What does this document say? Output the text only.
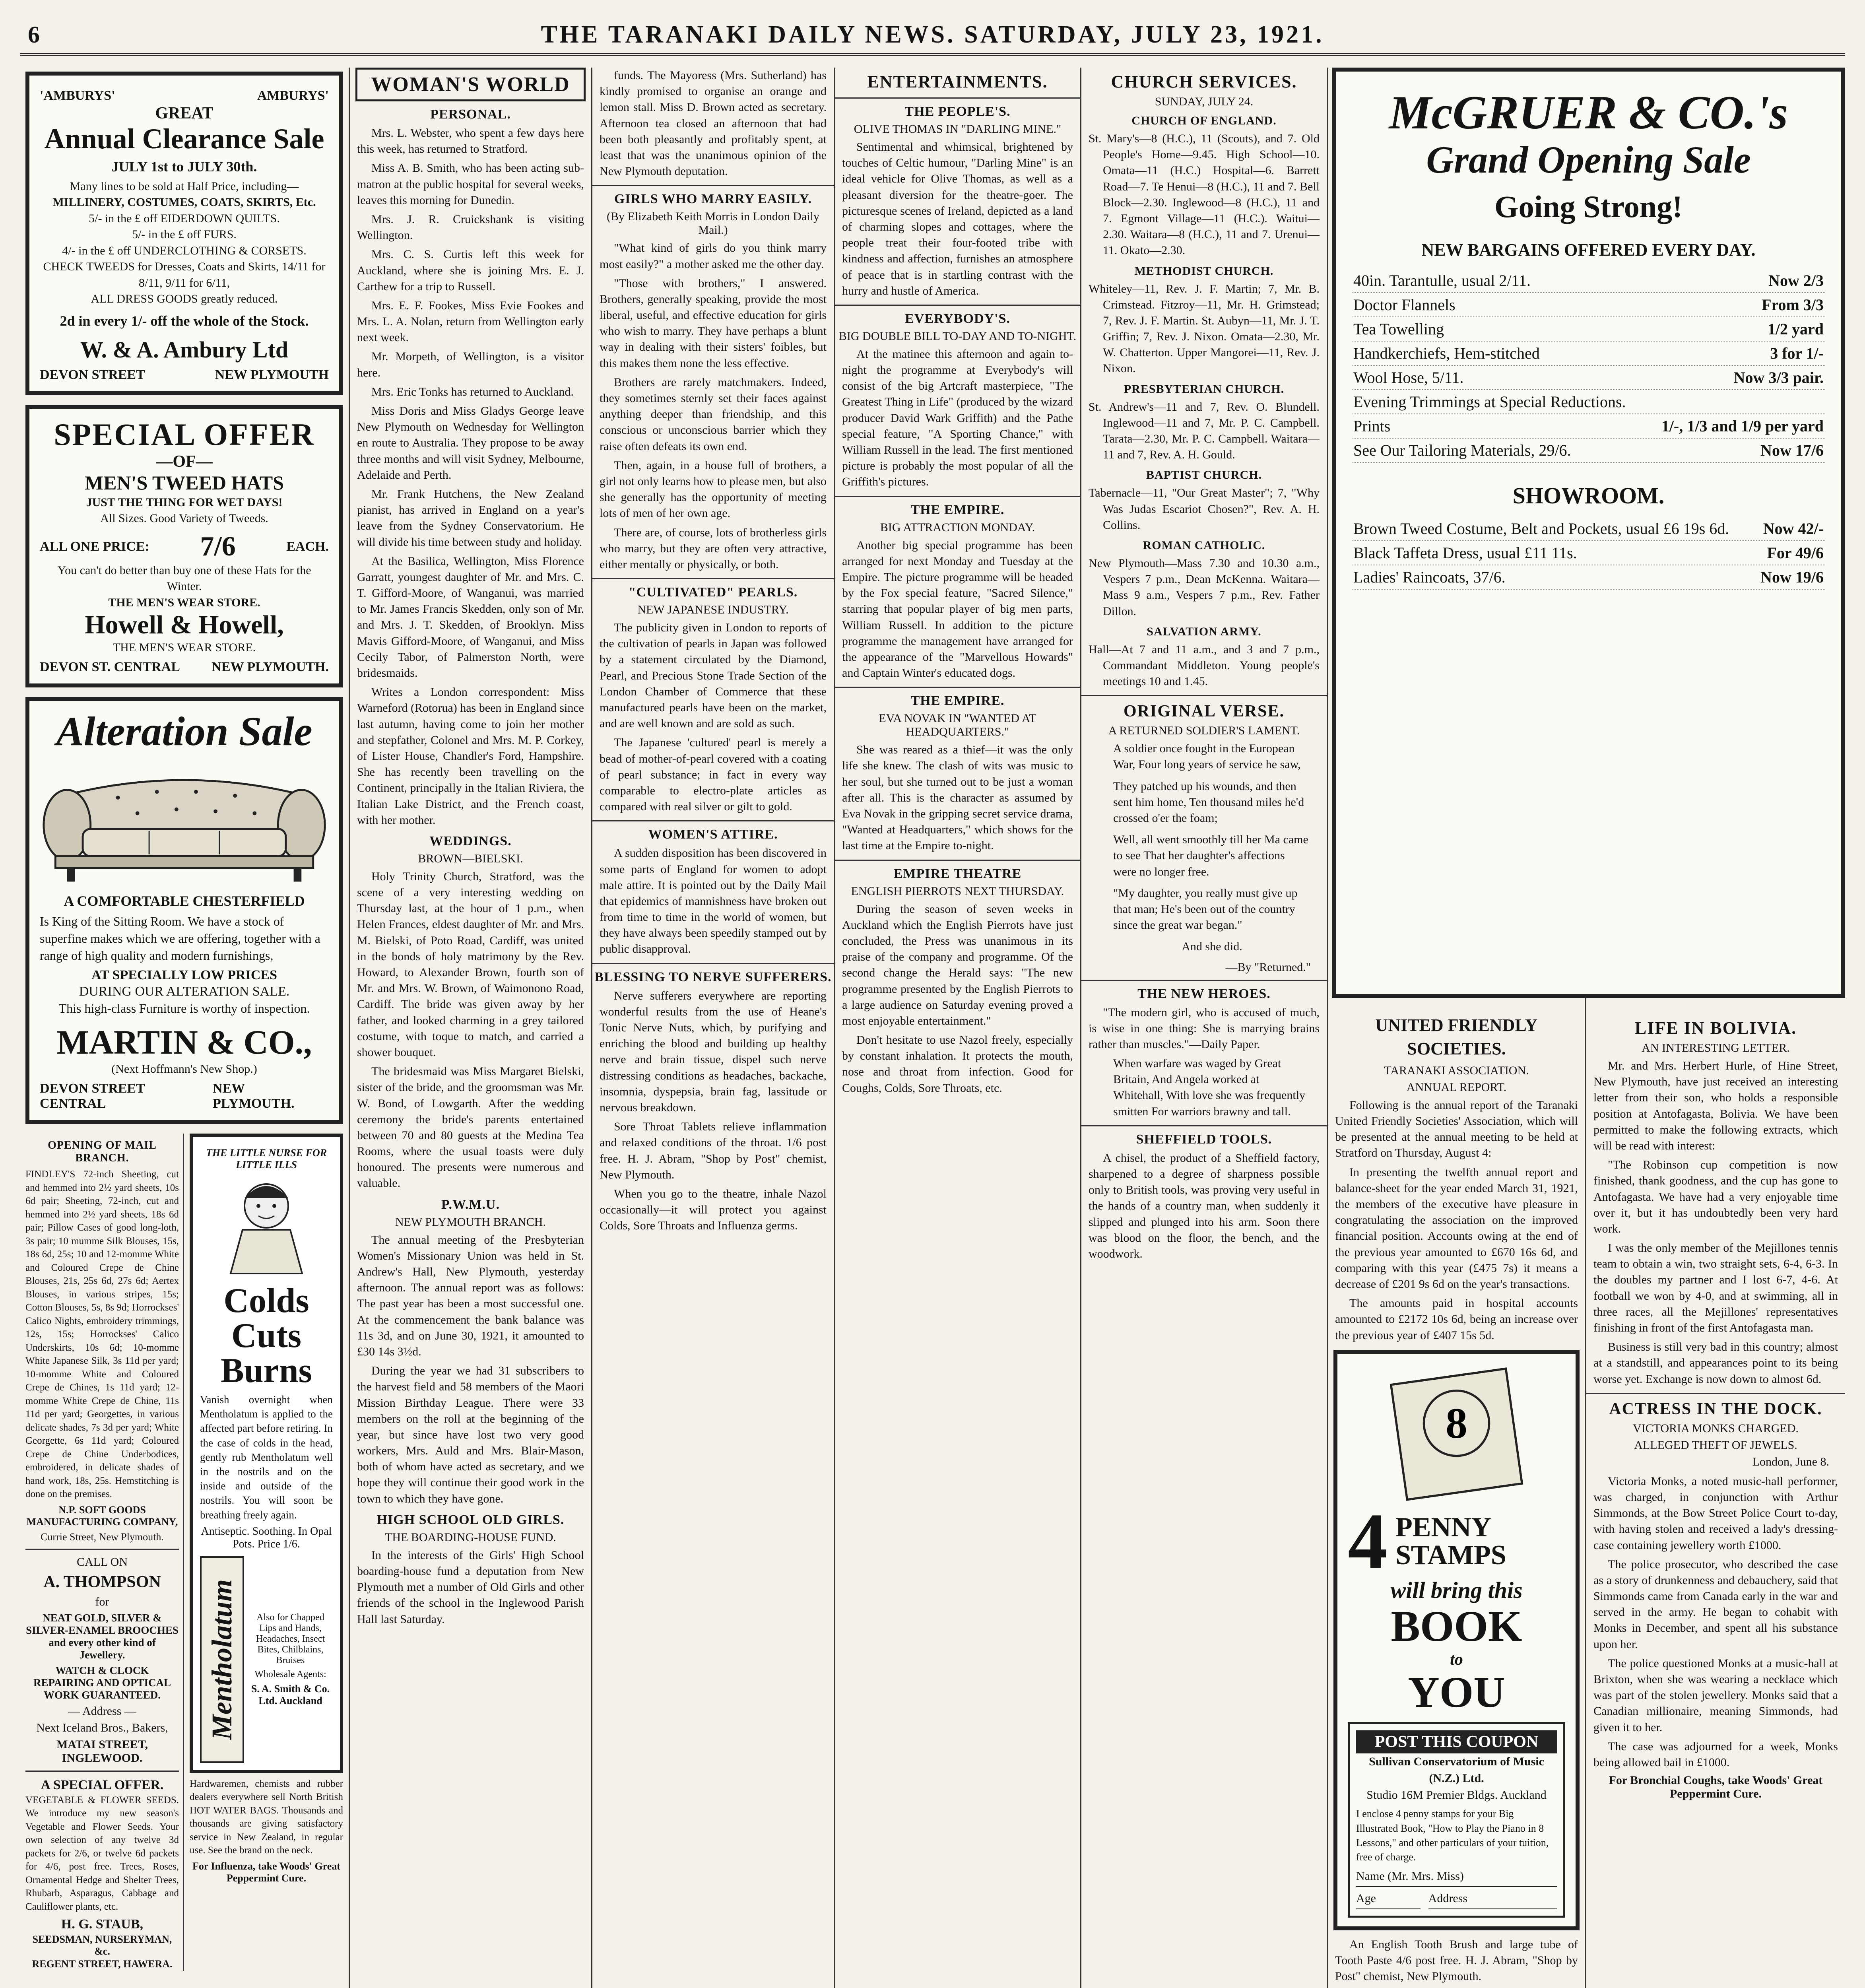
6	THE TARANAKI DAILY NEWS. SATURDAY, JULY 23, 1921.
'AMBURYS'	AMBURYS'
GREAT
Annual Clearance Sale
JULY 1st to JULY 30th.
Many lines to be sold at Half Price, including—
MILLINERY, COSTUMES, COATS, SKIRTS, Etc.
5/- in the £ off EIDERDOWN QUILTS.
5/- in the £ off FURS.
4/- in the £ off UNDERCLOTHING & CORSETS.
CHECK TWEEDS for Dresses, Coats and Skirts, 14/11 for 8/11, 9/11 for 6/11,
ALL DRESS GOODS greatly reduced.
2d in every 1/- off the whole of the Stock.
W. & A. Ambury Ltd
DEVON STREET	NEW PLYMOUTH
SPECIAL OFFER
—OF—
MEN'S TWEED HATS
JUST THE THING FOR WET DAYS!
All Sizes. Good Variety of Tweeds.
ALL ONE PRICE: 7/6	EACH.
You can't do better than buy one of these Hats for the Winter.
THE MEN'S WEAR STORE.
Howell & Howell,
THE MEN'S WEAR STORE.
DEVON ST. CENTRAL NEW PLYMOUTH.
Alteration Sale
A COMFORTABLE CHESTERFIELD
Is King of the Sitting Room. We have a stock of superfine makes which we are offering, together with a range of high quality and modern furnishings,
AT SPECIALLY LOW PRICES
DURING OUR ALTERATION SALE.
This high-class Furniture is worthy of inspection.
MARTIN & CO.,
(Next Hoffmann's New Shop.)
DEVON STREET CENTRAL
NEW PLYMOUTH.
OPENING OF MAIL BRANCH.
FINDLEY'S 72-inch Sheeting, cut and hemmed into 2½ yard sheets, 10s 6d pair; Sheeting, 72-inch, cut and hemmed into 2½ yard sheets, 18s 6d pair; Pillow Cases of good long-loth, 3s pair; 10 mumme Silk Blouses, 15s, 18s 6d, 25s; 10 and 12-momme White and Coloured Crepe de Chine Blouses, 21s, 25s 6d, 27s 6d; Aertex Blouses, in various stripes, 15s; Cotton Blouses, 5s, 8s 9d; Horrockses' Calico Nights, embroidery trimmings, 12s, 15s; Horrockses' Calico Underskirts, 10s 6d; 10-momme White Japanese Silk, 3s 11d per yard; 10-momme White and Coloured Crepe de Chines, 1s 11d yard; 12-momme White Crepe de Chine, 11s 11d per yard; Georgettes, in various delicate shades, 7s 3d per yard; White Georgette, 6s 11d yard; Coloured Crepe de Chine Underbodices, embroidered, in delicate shades of hand work, 18s, 25s. Hemstitching is done on the premises.
N.P. SOFT GOODS MANUFACTURING COMPANY,
Currie Street, New Plymouth.
CALL ON
A. THOMPSON
for
NEAT GOLD, SILVER & SILVER-ENAMEL BROOCHES and every other kind of Jewellery.
WATCH & CLOCK REPAIRING AND OPTICAL WORK GUARANTEED.
— Address —
Next Iceland Bros., Bakers,
MATAI STREET, INGLEWOOD.
A SPECIAL OFFER.
VEGETABLE & FLOWER SEEDS. We introduce my new season's Vegetable and Flower Seeds. Your own selection of any twelve 3d packets for 2/6, or twelve 6d packets for 4/6, post free. Trees, Roses, Ornamental Hedge and Shelter Trees, Rhubarb, Asparagus, Cabbage and Cauliflower plants, etc.
H. G. STAUB,
SEEDSMAN, NURSERYMAN, &c.
REGENT STREET, HAWERA.
THE LITTLE NURSE FOR LITTLE ILLS
Colds Cuts Burns
Vanish overnight when Mentholatum is applied to the affected part before retiring. In the case of colds in the head, gently rub Mentholatum well in the nostrils and on the inside and outside of the nostrils. You will soon be breathing freely again.
Antiseptic. Soothing. In Opal Pots. Price 1/6.
Mentholatum	Also for Chapped Lips and Hands, Headaches, Insect Bites, Chilblains, Bruises
Wholesale Agents:
S. A. Smith & Co. Ltd. Auckland
Hardwaremen, chemists and rubber dealers everywhere sell North British HOT WATER BAGS. Thousands and thousands are giving satisfactory service in New Zealand, in regular use. See the brand on the neck.
For Influenza, take Woods' Great Peppermint Cure.
WOMAN'S WORLD
PERSONAL.
Mrs. L. Webster, who spent a few days here this week, has returned to Stratford.
Miss A. B. Smith, who has been acting sub-matron at the public hospital for several weeks, leaves this morning for Dunedin.
Mrs. J. R. Cruickshank is visiting Wellington.
Mrs. C. S. Curtis left this week for Auckland, where she is joining Mrs. E. J. Carthew for a trip to Russell.
Mrs. E. F. Fookes, Miss Evie Fookes and Mrs. L. A. Nolan, return from Wellington early next week.
Mr. Morpeth, of Wellington, is a visitor here.
Mrs. Eric Tonks has returned to Auckland.
Miss Doris and Miss Gladys George leave New Plymouth on Wednesday for Wellington en route to Australia. They propose to be away three months and will visit Sydney, Melbourne, Adelaide and Perth.
Mr. Frank Hutchens, the New Zealand pianist, has arrived in England on a year's leave from the Sydney Conservatorium. He will divide his time between study and holiday.
At the Basilica, Wellington, Miss Florence Garratt, youngest daughter of Mr. and Mrs. C. T. Gifford-Moore, of Wanganui, was married to Mr. James Francis Skedden, only son of Mr. and Mrs. J. T. Skedden, of Brooklyn. Miss Mavis Gifford-Moore, of Wanganui, and Miss Cecily Tabor, of Palmerston North, were bridesmaids.
Writes a London correspondent: Miss Warneford (Rotorua) has been in England since last autumn, having come to join her mother and stepfather, Colonel and Mrs. M. P. Corkey, of Lister House, Chandler's Ford, Hampshire. She has recently been travelling on the Continent, principally in the Italian Riviera, the Italian Lake District, and the French coast, with her mother.
WEDDINGS.
BROWN—BIELSKI.
Holy Trinity Church, Stratford, was the scene of a very interesting wedding on Thursday last, at the hour of 1 p.m., when Helen Frances, eldest daughter of Mr. and Mrs. M. Bielski, of Poto Road, Cardiff, was united in the bonds of holy matrimony by the Rev. Howard, to Alexander Brown, fourth son of Mr. and Mrs. W. Brown, of Waimonono Road, Cardiff. The bride was given away by her father, and looked charming in a grey tailored costume, with toque to match, and carried a shower bouquet.
The bridesmaid was Miss Margaret Bielski, sister of the bride, and the groomsman was Mr. W. Bond, of Lowgarth. After the wedding ceremony the bride's parents entertained between 70 and 80 guests at the Medina Tea Rooms, where the usual toasts were duly honoured. The presents were numerous and valuable.
P.W.M.U.
NEW PLYMOUTH BRANCH.
The annual meeting of the Presbyterian Women's Missionary Union was held in St. Andrew's Hall, New Plymouth, yesterday afternoon. The annual report was as follows: The past year has been a most successful one. At the commencement the bank balance was 11s 3d, and on June 30, 1921, it amounted to £30 14s 3½d.
During the year we had 31 subscribers to the harvest field and 58 members of the Maori Mission Birthday League. There were 33 members on the roll at the beginning of the year, but since have lost two very good workers, Mrs. Auld and Mrs. Blair-Mason, both of whom have acted as secretary, and we hope they will continue their good work in the town to which they have gone.
HIGH SCHOOL OLD GIRLS.
THE BOARDING-HOUSE FUND.
In the interests of the Girls' High School boarding-house fund a deputation from New Plymouth met a number of Old Girls and other friends of the school in the Inglewood Parish Hall last Saturday.
funds. The Mayoress (Mrs. Sutherland) has kindly promised to organise an orange and lemon stall. Miss D. Brown acted as secretary. Afternoon tea closed an afternoon that had been both pleasantly and profitably spent, at least that was the unanimous opinion of the New Plymouth deputation.
GIRLS WHO MARRY EASILY.
(By Elizabeth Keith Morris in London Daily Mail.)
"What kind of girls do you think marry most easily?" a mother asked me the other day.
"Those with brothers," I answered. Brothers, generally speaking, provide the most liberal, useful, and effective education for girls who wish to marry. They have perhaps a blunt way in dealing with their sisters' foibles, but this makes them none the less effective.
Brothers are rarely matchmakers. Indeed, they sometimes sternly set their faces against anything deeper than friendship, and this conscious or unconscious barrier which they raise often defeats its own end.
Then, again, in a house full of brothers, a girl not only learns how to please men, but also she generally has the opportunity of meeting lots of men of her own age.
There are, of course, lots of brotherless girls who marry, but they are often very attractive, either mentally or physically, or both.
"CULTIVATED" PEARLS.
NEW JAPANESE INDUSTRY.
The publicity given in London to reports of the cultivation of pearls in Japan was followed by a statement circulated by the Diamond, Pearl, and Precious Stone Trade Section of the London Chamber of Commerce that these manufactured pearls have been on the market, and are well known and are sold as such.
The Japanese 'cultured' pearl is merely a bead of mother-of-pearl covered with a coating of pearl substance; in fact in every way comparable to electro-plate articles as compared with real silver or gilt to gold.
WOMEN'S ATTIRE.
A sudden disposition has been discovered in some parts of England for women to adopt male attire. It is pointed out by the Daily Mail that epidemics of mannishness have broken out from time to time in the world of women, but they have always been speedily stamped out by public disapproval.
BLESSING TO NERVE SUFFERERS.
Nerve sufferers everywhere are reporting wonderful results from the use of Heane's Tonic Nerve Nuts, which, by purifying and enriching the blood and building up healthy nerve and brain tissue, dispel such nerve distressing conditions as headaches, backache, insomnia, dyspepsia, brain fag, lassitude or nervous breakdown.
Sore Throat Tablets relieve inflammation and relaxed conditions of the throat. 1/6 post free. H. J. Abram, "Shop by Post" chemist, New Plymouth.
When you go to the theatre, inhale Nazol occasionally—it will protect you against Colds, Sore Throats and Influenza germs.
ENTERTAINMENTS.
THE PEOPLE'S.
OLIVE THOMAS IN "DARLING MINE."
Sentimental and whimsical, brightened by touches of Celtic humour, "Darling Mine" is an ideal vehicle for Olive Thomas, as well as a pleasant diversion for the theatre-goer. The picturesque scenes of Ireland, depicted as a land of charming slopes and cottages, where the people treat their four-footed tribe with kindness and affection, furnishes an atmosphere of peace that is in startling contrast with the hurry and hustle of America.
EVERYBODY'S.
BIG DOUBLE BILL TO-DAY AND TO-NIGHT.
At the matinee this afternoon and again to-night the programme at Everybody's will consist of the big Artcraft masterpiece, "The Greatest Thing in Life" (produced by the wizard producer David Wark Griffith) and the Pathe special feature, "A Sporting Chance," with William Russell in the lead. The first mentioned picture is probably the most popular of all the Griffith's pictures.
THE EMPIRE.
BIG ATTRACTION MONDAY.
Another big special programme has been arranged for next Monday and Tuesday at the Empire. The picture programme will be headed by the Fox special feature, "Sacred Silence," starring that popular player of big men parts, William Russell. In addition to the picture programme the management have arranged for the appearance of the "Marvellous Howards" and Captain Winter's educated dogs.
THE EMPIRE.
EVA NOVAK IN "WANTED AT HEADQUARTERS."
She was reared as a thief—it was the only life she knew. The clash of wits was music to her soul, but she turned out to be just a woman after all. This is the character as assumed by Eva Novak in the gripping secret service drama, "Wanted at Headquarters," which shows for the last time at the Empire to-night.
EMPIRE THEATRE
ENGLISH PIERROTS NEXT THURSDAY.
During the season of seven weeks in Auckland which the English Pierrots have just concluded, the Press was unanimous in its praise of the company and programme. Of the second change the Herald says: "The new programme presented by the English Pierrots to a large audience on Saturday evening proved a most enjoyable entertainment."
Don't hesitate to use Nazol freely, especially by constant inhalation. It protects the mouth, nose and throat from infection. Good for Coughs, Colds, Sore Throats, etc.
CHURCH SERVICES.
SUNDAY, JULY 24.
CHURCH OF ENGLAND.
St. Mary's—8 (H.C.), 11 (Scouts), and 7. Old People's Home—9.45. High School—10. Omata—11 (H.C.) Hospital—6. Barrett Road—7. Te Henui—8 (H.C.), 11 and 7. Bell Block—2.30. Inglewood—8 (H.C.), 11 and 7. Egmont Village—11 (H.C.). Waitui—2.30. Waitara—8 (H.C.), 11 and 7. Urenui—11. Okato—2.30.
METHODIST CHURCH.
Whiteley—11, Rev. J. F. Martin; 7, Mr. B. Crimstead. Fitzroy—11, Mr. H. Grimstead; 7, Rev. J. F. Martin. St. Aubyn—11, Mr. J. T. Griffin; 7, Rev. J. Nixon. Omata—2.30, Mr. W. Chatterton. Upper Mangorei—11, Rev. J. Nixon.
PRESBYTERIAN CHURCH.
St. Andrew's—11 and 7, Rev. O. Blundell. Inglewood—11 and 7, Mr. P. C. Campbell. Tarata—2.30, Mr. P. C. Campbell. Waitara—11 and 7, Rev. A. H. Gould.
BAPTIST CHURCH.
Tabernacle—11, "Our Great Master"; 7, "Why Was Judas Escariot Chosen?", Rev. A. H. Collins.
ROMAN CATHOLIC.
New Plymouth—Mass 7.30 and 10.30 a.m., Vespers 7 p.m., Dean McKenna. Waitara—Mass 9 a.m., Vespers 7 p.m., Rev. Father Dillon.
SALVATION ARMY.
Hall—At 7 and 11 a.m., and 3 and 7 p.m., Commandant Middleton. Young people's meetings 10 and 1.45.
ORIGINAL VERSE.
A RETURNED SOLDIER'S LAMENT.
A soldier once fought in the European War, Four long years of service he saw,
They patched up his wounds, and then sent him home, Ten thousand miles he'd crossed o'er the foam;
Well, all went smoothly till her Ma came to see That her daughter's affections were no longer free.
"My daughter, you really must give up that man; He's been out of the country since the great war began."
And she did.
—By "Returned."
THE NEW HEROES.
"The modern girl, who is accused of much, is wise in one thing: She is marrying brains rather than muscles."—Daily Paper.
When warfare was waged by Great Britain, And Angela worked at Whitehall, With love she was frequently smitten For warriors brawny and tall.
SHEFFIELD TOOLS.
A chisel, the product of a Sheffield factory, sharpened to a degree of sharpness possible only to British tools, was proving very useful in the hands of a country man, when suddenly it slipped and plunged into his arm. Soon there was blood on the floor, the bench, and the woodwork.
UNITED FRIENDLY SOCIETIES.
TARANAKI ASSOCIATION.
ANNUAL REPORT.
Following is the annual report of the Taranaki United Friendly Societies' Association, which will be presented at the annual meeting to be held at Stratford on Thursday, August 4:
In presenting the twelfth annual report and balance-sheet for the year ended March 31, 1921, the members of the executive have pleasure in congratulating the association on the improved financial position. Accounts owing at the end of the previous year amounted to £670 16s 6d, and comparing with this year (£475 7s) it means a decrease of £201 9s 6d on the year's transactions.
The amounts paid in hospital accounts amounted to £2172 10s 6d, being an increase over the previous year of £407 15s 5d.
8
4 PENNY STAMPS
will bring this
BOOK
to
YOU
POST THIS COUPON
Sullivan Conservatorium of Music (N.Z.) Ltd.
Studio 16M Premier Bldgs. Auckland
I enclose 4 penny stamps for your Big Illustrated Book, "How to Play the Piano in 8 Lessons," and other particulars of your tuition, free of charge.
Name (Mr. Mrs. Miss)
Age	Address
An English Tooth Brush and large tube of Tooth Paste 4/6 post free. H. J. Abram, "Shop by Post" chemist, New Plymouth.
McGRUER & CO.'s
Grand Opening Sale
Going Strong!
NEW BARGAINS OFFERED EVERY DAY.
40in. Tarantulle, usual 2/11.	Now 2/3
Doctor Flannels	From 3/3
Tea Towelling	1/2 yard
Handkerchiefs, Hem-stitched	3 for 1/-
Wool Hose, 5/11.	Now 3/3 pair.
Evening Trimmings at Special Reductions.
Prints	1/-, 1/3 and 1/9 per yard
See Our Tailoring Materials, 29/6.	Now 17/6
SHOWROOM.
Brown Tweed Costume, Belt and Pockets, usual £6 19s 6d. Now 42/-
Black Taffeta Dress, usual £11 11s.	For 49/6
Ladies' Raincoats, 37/6.	Now 19/6
LIFE IN BOLIVIA.
AN INTERESTING LETTER.
Mr. and Mrs. Herbert Hurle, of Hine Street, New Plymouth, have just received an interesting letter from their son, who holds a responsible position at Antofagasta, Bolivia. We have been permitted to make the following extracts, which will be read with interest:
"The Robinson cup competition is now finished, thank goodness, and the cup has gone to Antofagasta. We have had a very enjoyable time over it, but it has undoubtedly been very hard work.
I was the only member of the Mejillones tennis team to obtain a win, two straight sets, 6-4, 6-3. In the doubles my partner and I lost 6-7, 4-6. At football we won by 4-0, and at swimming, all in three races, all the Mejillones' representatives finishing in front of the first Antofagasta man.
Business is still very bad in this country; almost at a standstill, and appearances point to its being worse yet. Exchange is now down to almost 6d.
ACTRESS IN THE DOCK.
VICTORIA MONKS CHARGED.
ALLEGED THEFT OF JEWELS.
London, June 8.
Victoria Monks, a noted music-hall performer, was charged, in conjunction with Arthur Simmonds, at the Bow Street Police Court to-day, with having stolen and received a lady's dressing-case containing jewellery worth £1000.
The police prosecutor, who described the case as a story of drunkenness and debauchery, said that Simmonds came from Canada early in the war and served in the army. He began to cohabit with Monks in December, and spent all his substance upon her.
The police questioned Monks at a music-hall at Brixton, when she was wearing a necklace which was part of the stolen jewellery. Monks said that a Canadian millionaire, meaning Simmonds, had given it to her.
The case was adjourned for a week, Monks being allowed bail in £1000.
For Bronchial Coughs, take Woods' Great Peppermint Cure.
